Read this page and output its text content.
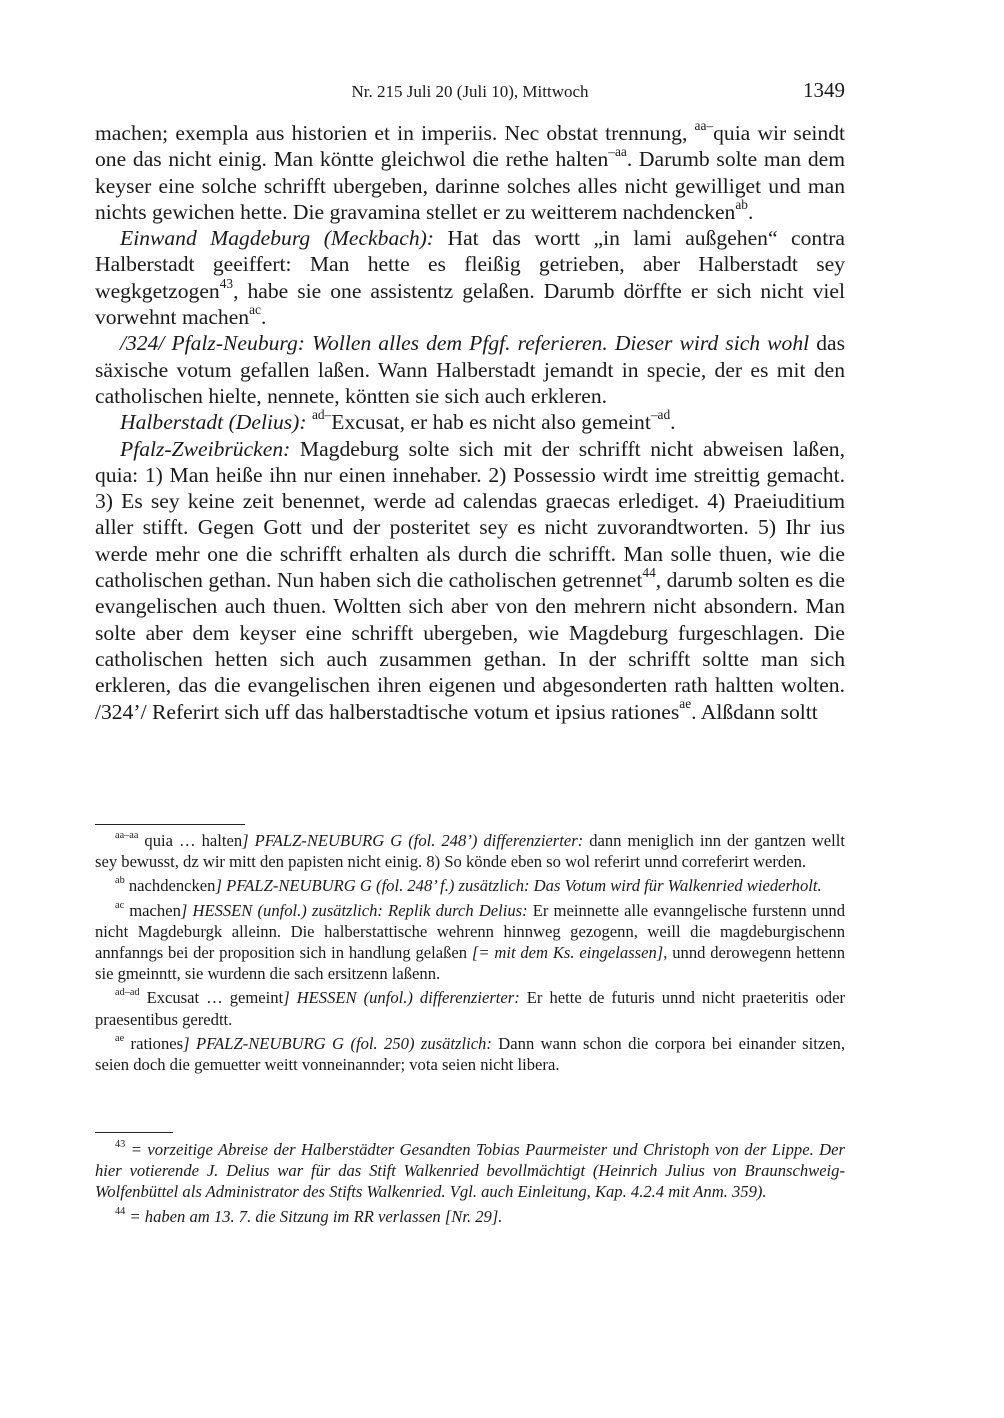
Nr. 215 Juli 20 (Juli 10), Mittwoch	1349

machen; exempla aus historien et in imperiis. Nec obstat trennung, $^{aa-}$quia wir seindt one das nicht einig. Man köntte gleichwol die rethe halten$^{-aa}$. Darumb solte man dem keyser eine solche schrifft ubergeben, darinne solches alles nicht gewilliget und man nichts gewichen hette. Die gravamina stellet er zu weitterem nachdencken$^{ab}$.

Einwand Magdeburg (Meckbach): Hat das wortt „in lami außgehen“ contra Halberstadt geeiffert: Man hette es fleißig getrieben, aber Halberstadt sey wegkgetzogen$^{43}$, habe sie one assistentz gelaßen. Darumb dörffte er sich nicht viel vorwehnt machen$^{ac}$.

/324/ Pfalz-Neuburg: Wollen alles dem Pfgf. referieren. Dieser wird sich wohl das säxische votum gefallen laßen. Wann Halberstadt jemandt in specie, der es mit den catholischen hielte, nennete, köntten sie sich auch erkleren.

Halberstadt (Delius): $^{ad-}$Excusat, er hab es nicht also gemeint$^{-ad}$.

Pfalz-Zweibrücken: Magdeburg solte sich mit der schrifft nicht abweisen laßen, quia: 1) Man heiße ihn nur einen innehaber. 2) Possessio wirdt ime streittig gemacht. 3) Es sey keine zeit benennet, werde ad calendas graecas erlediget. 4) Praeiuditium aller stifft. Gegen Gott und der posteritet sey es nicht zuvorandtworten. 5) Ihr ius werde mehr one die schrifft erhalten als durch die schrifft. Man solle thuen, wie die catholischen gethan. Nun haben sich die catholischen getrennet$^{44}$, darumb solten es die evangelischen auch thuen. Woltten sich aber von den mehrern nicht absondern. Man solte aber dem keyser eine schrifft ubergeben, wie Magdeburg furgeschlagen. Die catholischen hetten sich auch zusammen gethan. In der schrifft soltte man sich erkleren, das die evangelischen ihren eigenen und abgesonderten rath haltten wolten. /324’/ Referirt sich uff das halberstadtische votum et ipsius rationes$^{ae}$. Alßdann soltt

$^{aa-aa}$ quia … halten] PFALZ-NEUBURG G (fol. 248’) differenzierter: dann meniglich inn der gantzen wellt sey bewusst, dz wir mitt den papisten nicht einig. 8) So könde eben so wol referirt unnd correferirt werden.

$^{ab}$ nachdencken] PFALZ-NEUBURG G (fol. 248’ f.) zusätzlich: Das Votum wird für Walkenried wiederholt.

$^{ac}$ machen] HESSEN (unfol.) zusätzlich: Replik durch Delius: Er meinnette alle evanngelische furstenn unnd nicht Magdeburgk alleinn. Die halberstattische wehrenn hinnweg gezogenn, weill die magdeburgischenn annfanngs bei der proposition sich in handlung gelaßen [= mit dem Ks. eingelassen], unnd derowegenn hettenn sie gmeinntt, sie wurdenn die sach ersitzenn laßenn.

$^{ad-ad}$ Excusat … gemeint] HESSEN (unfol.) differenzierter: Er hette de futuris unnd nicht praeteritis oder praesentibus geredtt.

$^{ae}$ rationes] PFALZ-NEUBURG G (fol. 250) zusätzlich: Dann wann schon die corpora bei einander sitzen, seien doch die gemuetter weitt vonneinannder; vota seien nicht libera.

$^{43}$ = vorzeitige Abreise der Halberstädter Gesandten Tobias Paurmeister und Christoph von der Lippe. Der hier votierende J. Delius war für das Stift Walkenried bevollmächtigt (Heinrich Julius von Braunschweig-Wolfenbüttel als Administrator des Stifts Walkenried. Vgl. auch Einleitung, Kap. 4.2.4 mit Anm. 359).

$^{44}$ = haben am 13. 7. die Sitzung im RR verlassen [Nr. 29].
